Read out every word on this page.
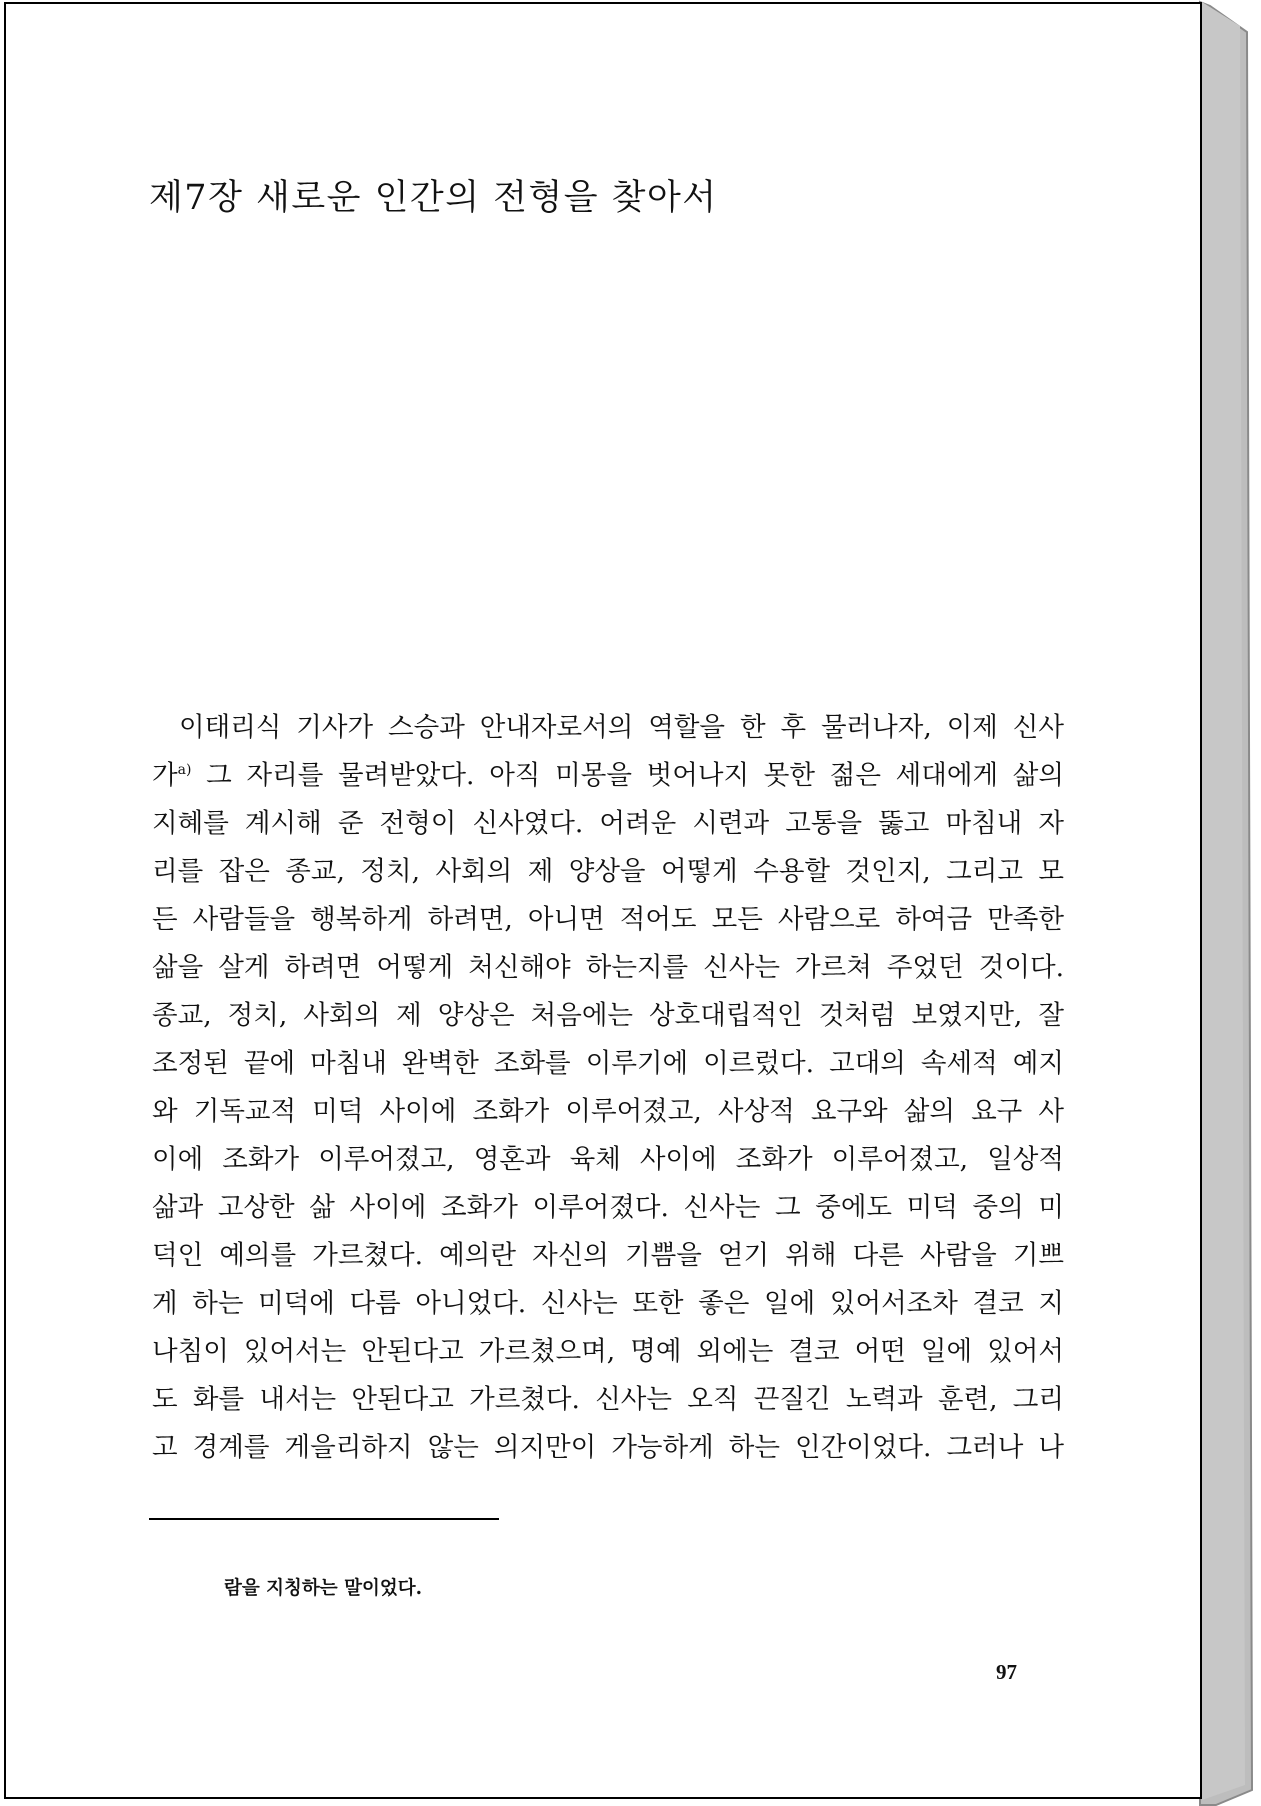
제7장 새로운 인간의 전형을 찾아서
이태리식 기사가 스승과 안내자로서의 역할을 한 후 물러나자, 이제 신사
가$^{a)}$ 그 자리를 물려받았다. 아직 미몽을 벗어나지 못한 젊은 세대에게 삶의
지혜를 계시해 준 전형이 신사였다. 어려운 시련과 고통을 뚫고 마침내 자
리를 잡은 종교, 정치, 사회의 제 양상을 어떻게 수용할 것인지, 그리고 모
든 사람들을 행복하게 하려면, 아니면 적어도 모든 사람으로 하여금 만족한
삶을 살게 하려면 어떻게 처신해야 하는지를 신사는 가르쳐 주었던 것이다.
종교, 정치, 사회의 제 양상은 처음에는 상호대립적인 것처럼 보였지만, 잘
조정된 끝에 마침내 완벽한 조화를 이루기에 이르렀다. 고대의 속세적 예지
와 기독교적 미덕 사이에 조화가 이루어졌고, 사상적 요구와 삶의 요구 사
이에 조화가 이루어졌고, 영혼과 육체 사이에 조화가 이루어졌고, 일상적
삶과 고상한 삶 사이에 조화가 이루어졌다. 신사는 그 중에도 미덕 중의 미
덕인 예의를 가르쳤다. 예의란 자신의 기쁨을 얻기 위해 다른 사람을 기쁘
게 하는 미덕에 다름 아니었다. 신사는 또한 좋은 일에 있어서조차 결코 지
나침이 있어서는 안된다고 가르쳤으며, 명예 외에는 결코 어떤 일에 있어서
도 화를 내서는 안된다고 가르쳤다. 신사는 오직 끈질긴 노력과 훈련, 그리
고 경계를 게을리하지 않는 의지만이 가능하게 하는 인간이었다. 그러나 나
람을 지칭하는 말이었다.
97
